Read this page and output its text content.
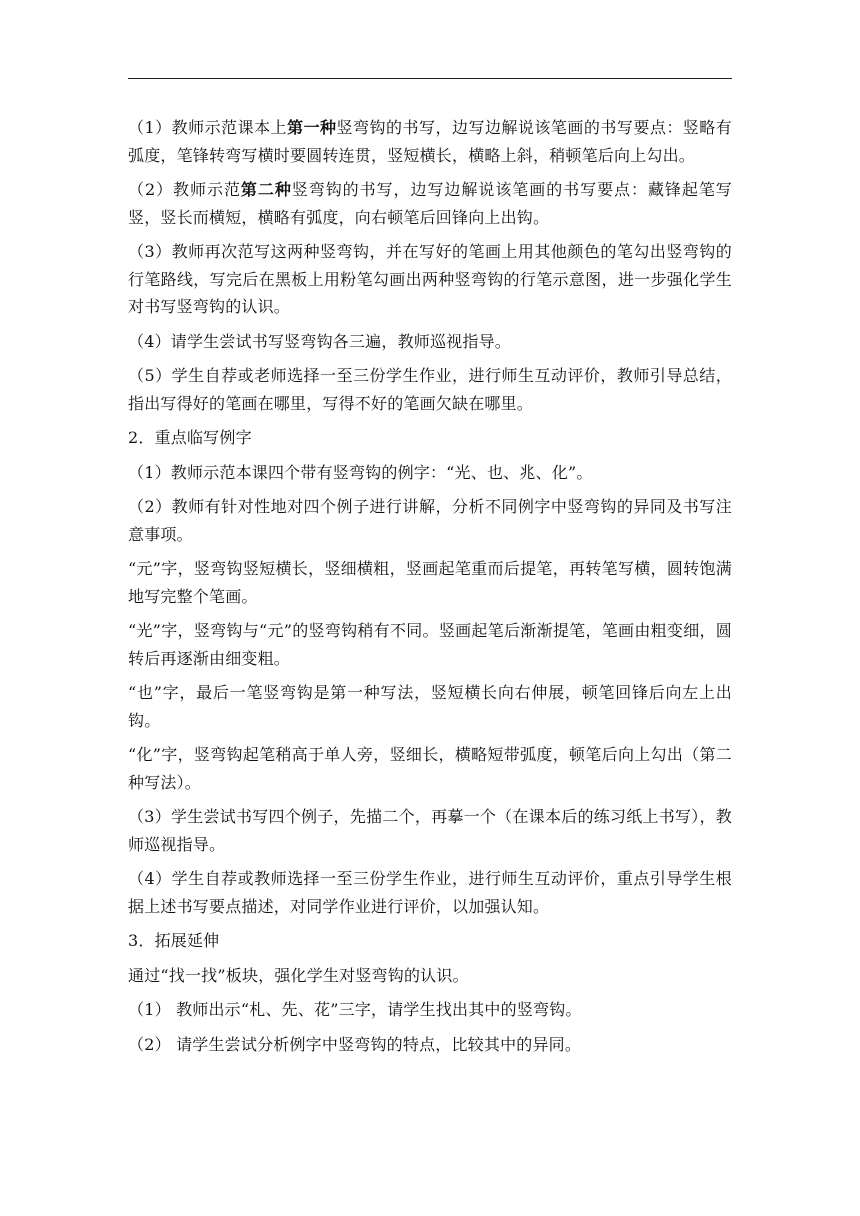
（1）教师示范课本上第一种竖弯钩的书写，边写边解说该笔画的书写要点：竖略有弧度，笔锋转弯写横时要圆转连贯，竖短横长，横略上斜，稍顿笔后向上勾出。

（2）教师示范第二种竖弯钩的书写，边写边解说该笔画的书写要点：藏锋起笔写竖，竖长而横短，横略有弧度，向右顿笔后回锋向上出钩。

（3）教师再次范写这两种竖弯钩，并在写好的笔画上用其他颜色的笔勾出竖弯钩的行笔路线，写完后在黑板上用粉笔勾画出两种竖弯钩的行笔示意图，进一步强化学生对书写竖弯钩的认识。

（4）请学生尝试书写竖弯钩各三遍，教师巡视指导。

（5）学生自荐或老师选择一至三份学生作业，进行师生互动评价，教师引导总结，指出写得好的笔画在哪里，写得不好的笔画欠缺在哪里。

2．重点临写例字

（1）教师示范本课四个带有竖弯钩的例字：“光、也、兆、化”。

（2）教师有针对性地对四个例子进行讲解，分析不同例字中竖弯钩的异同及书写注意事项。

“元”字，竖弯钩竖短横长，竖细横粗，竖画起笔重而后提笔，再转笔写横，圆转饱满地写完整个笔画。

“光”字，竖弯钩与“元”的竖弯钩稍有不同。竖画起笔后渐渐提笔，笔画由粗变细，圆转后再逐渐由细变粗。

“也”字，最后一笔竖弯钩是第一种写法，竖短横长向右伸展，顿笔回锋后向左上出钩。

“化”字，竖弯钩起笔稍高于单人旁，竖细长，横略短带弧度，顿笔后向上勾出（第二种写法）。

（3）学生尝试书写四个例子，先描二个，再摹一个（在课本后的练习纸上书写），教师巡视指导。

（4）学生自荐或教师选择一至三份学生作业，进行师生互动评价，重点引导学生根据上述书写要点描述，对同学作业进行评价，以加强认知。

3．拓展延伸

通过“找一找”板块，强化学生对竖弯钩的认识。

（1） 教师出示“札、先、花”三字，请学生找出其中的竖弯钩。

（2） 请学生尝试分析例字中竖弯钩的特点，比较其中的异同。
